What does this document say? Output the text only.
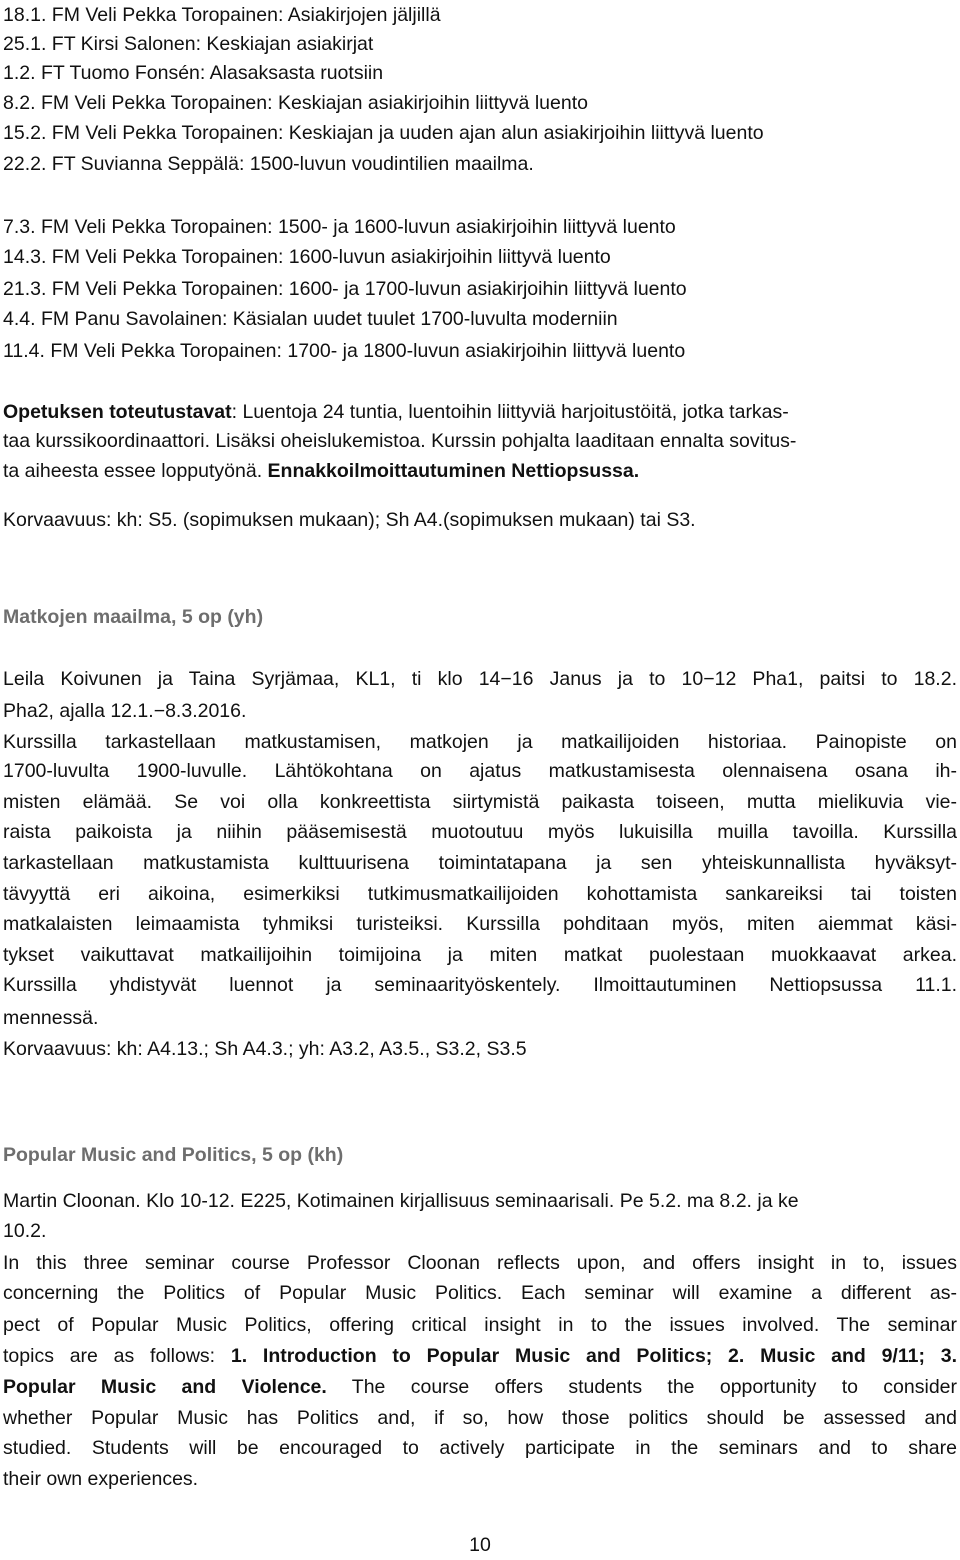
18.1. FM Veli Pekka Toropainen: Asiakirjojen jäljillä
25.1. FT Kirsi Salonen: Keskiajan asiakirjat
1.2. FT Tuomo Fonsén: Alasaksasta ruotsiin
8.2. FM Veli Pekka Toropainen: Keskiajan asiakirjoihin liittyvä luento
15.2. FM Veli Pekka Toropainen: Keskiajan ja uuden ajan alun asiakirjoihin liittyvä luento
22.2. FT Suvianna Seppälä: 1500-luvun voudintilien maailma.
7.3. FM Veli Pekka Toropainen: 1500- ja 1600-luvun asiakirjoihin liittyvä luento
14.3. FM Veli Pekka Toropainen: 1600-luvun asiakirjoihin liittyvä luento
21.3. FM Veli Pekka Toropainen: 1600- ja 1700-luvun asiakirjoihin liittyvä luento
4.4. FM Panu Savolainen: Käsialan uudet tuulet 1700-luvulta moderniin
11.4. FM Veli Pekka Toropainen: 1700- ja 1800-luvun asiakirjoihin liittyvä luento
Opetuksen toteutustavat: Luentoja 24 tuntia, luentoihin liittyviä harjoitustöitä, jotka tarkas-
taa kurssikoordinaattori. Lisäksi oheislukemistoa. Kurssin pohjalta laaditaan ennalta sovitus-
ta aiheesta essee lopputyönä. Ennakkoilmoittautuminen Nettiopsussa.
Korvaavuus: kh: S5. (sopimuksen mukaan); Sh A4.(sopimuksen mukaan) tai S3.
Matkojen maailma, 5 op (yh)
Leila Koivunen ja Taina Syrjämaa, KL1, ti klo 14−16 Janus ja to 10−12 Pha1, paitsi to 18.2.
Pha2, ajalla 12.1.−8.3.2016.
Kurssilla tarkastellaan matkustamisen, matkojen ja matkailijoiden historiaa. Painopiste on
1700-luvulta 1900-luvulle. Lähtökohtana on ajatus matkustamisesta olennaisena osana ih-
misten elämää. Se voi olla konkreettista siirtymistä paikasta toiseen, mutta mielikuvia vie-
raista paikoista ja niihin pääsemisestä muotoutuu myös lukuisilla muilla tavoilla. Kurssilla
tarkastellaan matkustamista kulttuurisena toimintatapana ja sen yhteiskunnallista hyväksyt-
tävyyttä eri aikoina, esimerkiksi tutkimusmatkailijoiden kohottamista sankareiksi tai toisten
matkalaisten leimaamista tyhmiksi turisteiksi. Kurssilla pohditaan myös, miten aiemmat käsi-
tykset vaikuttavat matkailijoihin toimijoina ja miten matkat puolestaan muokkaavat arkea.
Kurssilla yhdistyvät luennot ja seminaarityöskentely. Ilmoittautuminen Nettiopsussa 11.1.
mennessä.
Korvaavuus: kh: A4.13.; Sh A4.3.; yh: A3.2, A3.5., S3.2, S3.5
Popular Music and Politics, 5 op (kh)
Martin Cloonan. Klo 10-12. E225, Kotimainen kirjallisuus seminaarisali. Pe 5.2. ma 8.2. ja ke
10.2.
In this three seminar course Professor Cloonan reflects upon, and offers insight in to, issues
concerning the Politics of Popular Music Politics. Each seminar will examine a different as-
pect of Popular Music Politics, offering critical insight in to the issues involved. The seminar
topics are as follows: 1. Introduction to Popular Music and Politics; 2. Music and 9/11; 3.
Popular Music and Violence. The course offers students the opportunity to consider
whether Popular Music has Politics and, if so, how those politics should be assessed and
studied. Students will be encouraged to actively participate in the seminars and to share
their own experiences.
10
